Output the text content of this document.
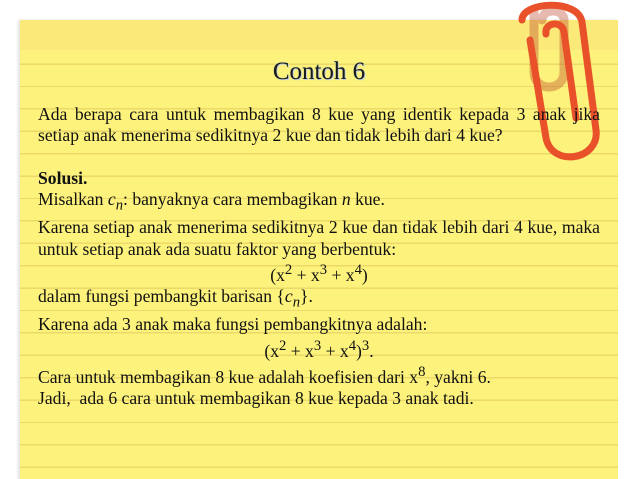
Contoh 6

Ada berapa cara untuk membagikan 8 kue yang identik kepada 3 anak jika setiap anak menerima sedikitnya 2 kue dan tidak lebih dari 4 kue?

Solusi.

Misalkan $c_n$: banyaknya cara membagikan n kue.

Karena setiap anak menerima sedikitnya 2 kue dan tidak lebih dari 4 kue, maka untuk setiap anak ada suatu faktor yang berbentuk:

$(x^2 + x^3 + x^4)$

dalam fungsi pembangkit barisan $\{c_n\}$.

Karena ada 3 anak maka fungsi pembangkitnya adalah:

$(x^2 + x^3 + x^4)^3$.

Cara untuk membagikan 8 kue adalah koefisien dari $x^8$, yakni 6.

Jadi,  ada 6 cara untuk membagikan 8 kue kepada 3 anak tadi.
